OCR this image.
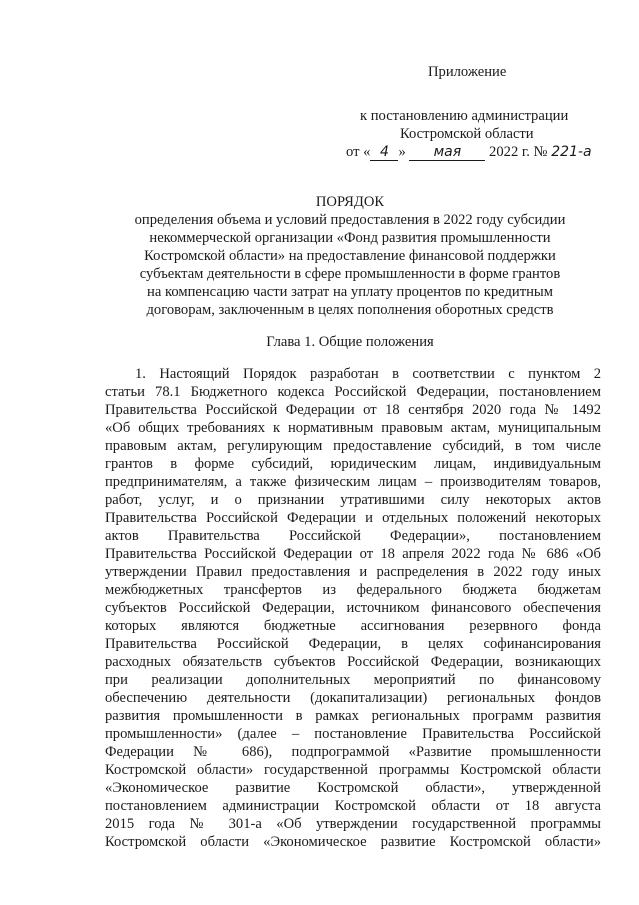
Приложение
к постановлению администрации
Костромской области
от « 4 » мая 2022 г. № 221-а
ПОРЯДОК
определения объема и условий предоставления в 2022 году субсидии
некоммерческой организации «Фонд развития промышленности
Костромской области» на предоставление финансовой поддержки
субъектам деятельности в сфере промышленности в форме грантов
на компенсацию части затрат на уплату процентов по кредитным
договорам, заключенным в целях пополнения оборотных средств
Глава 1. Общие положения
1. Настоящий Порядок разработан в соответствии с пунктом 2
статьи 78.1 Бюджетного кодекса Российской Федерации, постановлением
Правительства Российской Федерации от 18 сентября 2020 года № 1492
«Об общих требованиях к нормативным правовым актам, муниципальным
правовым актам, регулирующим предоставление субсидий, в том числе
грантов в форме субсидий, юридическим лицам, индивидуальным
предпринимателям, а также физическим лицам – производителям товаров,
работ, услуг, и о признании утратившими силу некоторых актов
Правительства Российской Федерации и отдельных положений некоторых
актов Правительства Российской Федерации», постановлением
Правительства Российской Федерации от 18 апреля 2022 года № 686 «Об
утверждении Правил предоставления и распределения в 2022 году иных
межбюджетных трансфертов из федерального бюджета бюджетам
субъектов Российской Федерации, источником финансового обеспечения
которых являются бюджетные ассигнования резервного фонда
Правительства Российской Федерации, в целях софинансирования
расходных обязательств субъектов Российской Федерации, возникающих
при реализации дополнительных мероприятий по финансовому
обеспечению деятельности (докапитализации) региональных фондов
развития промышленности в рамках региональных программ развития
промышленности» (далее – постановление Правительства Российской
Федерации № 686), подпрограммой «Развитие промышленности
Костромской области» государственной программы Костромской области
«Экономическое развитие Костромской области», утвержденной
постановлением администрации Костромской области от 18 августа
2015 года № 301-а «Об утверждении государственной программы
Костромской области «Экономическое развитие Костромской области»
